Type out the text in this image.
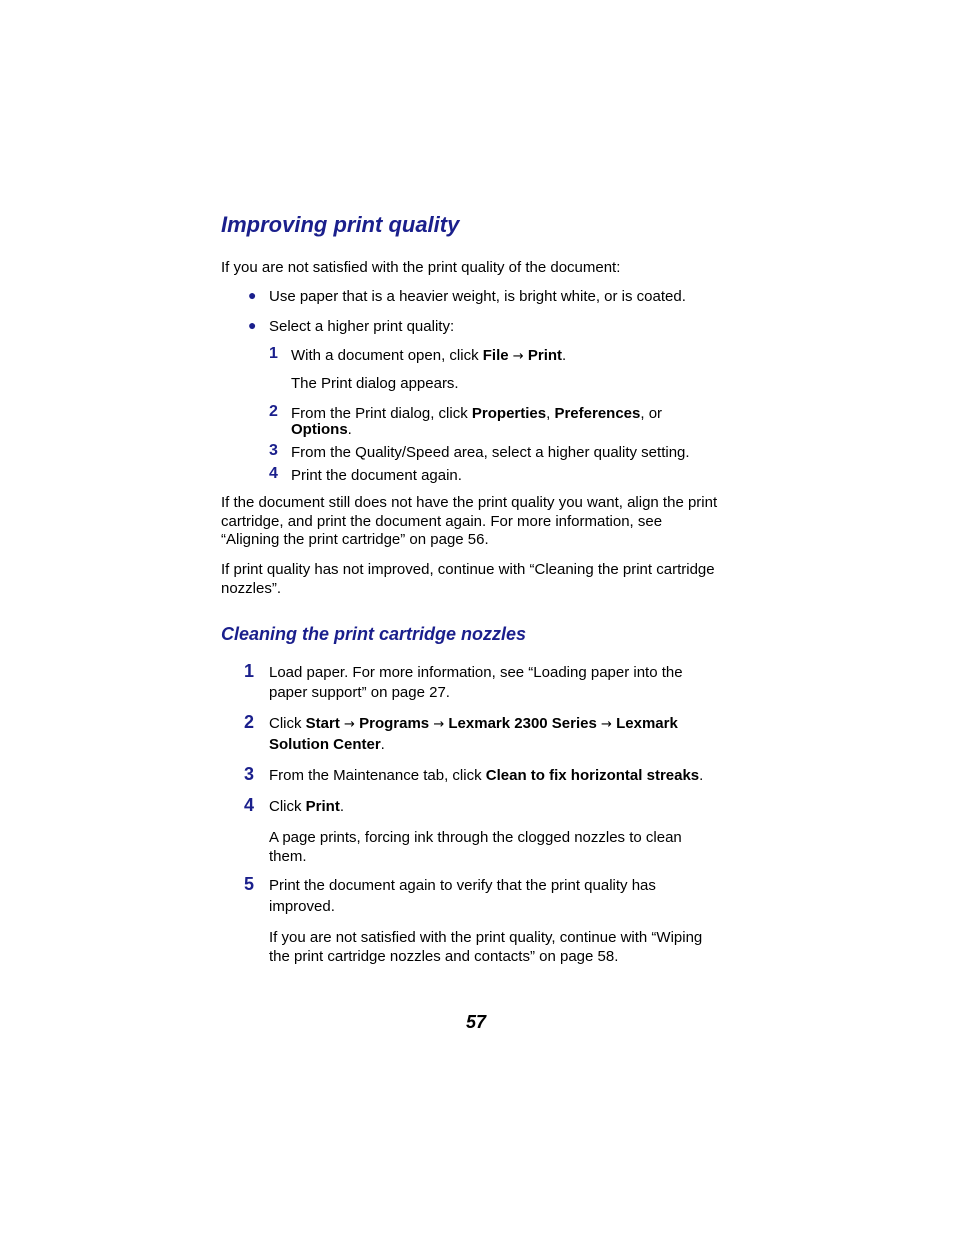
Improving print quality
If you are not satisfied with the print quality of the document:
● Use paper that is a heavier weight, is bright white, or is coated.
● Select a higher print quality:
1 With a document open, click File → Print.
The Print dialog appears.
2 From the Print dialog, click Properties, Preferences, or
Options.
3 From the Quality/Speed area, select a higher quality setting.
4 Print the document again.
If the document still does not have the print quality you want, align the print
cartridge, and print the document again. For more information, see
“Aligning the print cartridge” on page 56.
If print quality has not improved, continue with “Cleaning the print cartridge
nozzles”.
Cleaning the print cartridge nozzles
1 Load paper. For more information, see “Loading paper into the
paper support” on page 27.
2 Click Start → Programs → Lexmark 2300 Series → Lexmark
Solution Center.
3 From the Maintenance tab, click Clean to fix horizontal streaks.
4 Click Print.
A page prints, forcing ink through the clogged nozzles to clean
them.
5 Print the document again to verify that the print quality has
improved.
If you are not satisfied with the print quality, continue with “Wiping
the print cartridge nozzles and contacts” on page 58.
57
